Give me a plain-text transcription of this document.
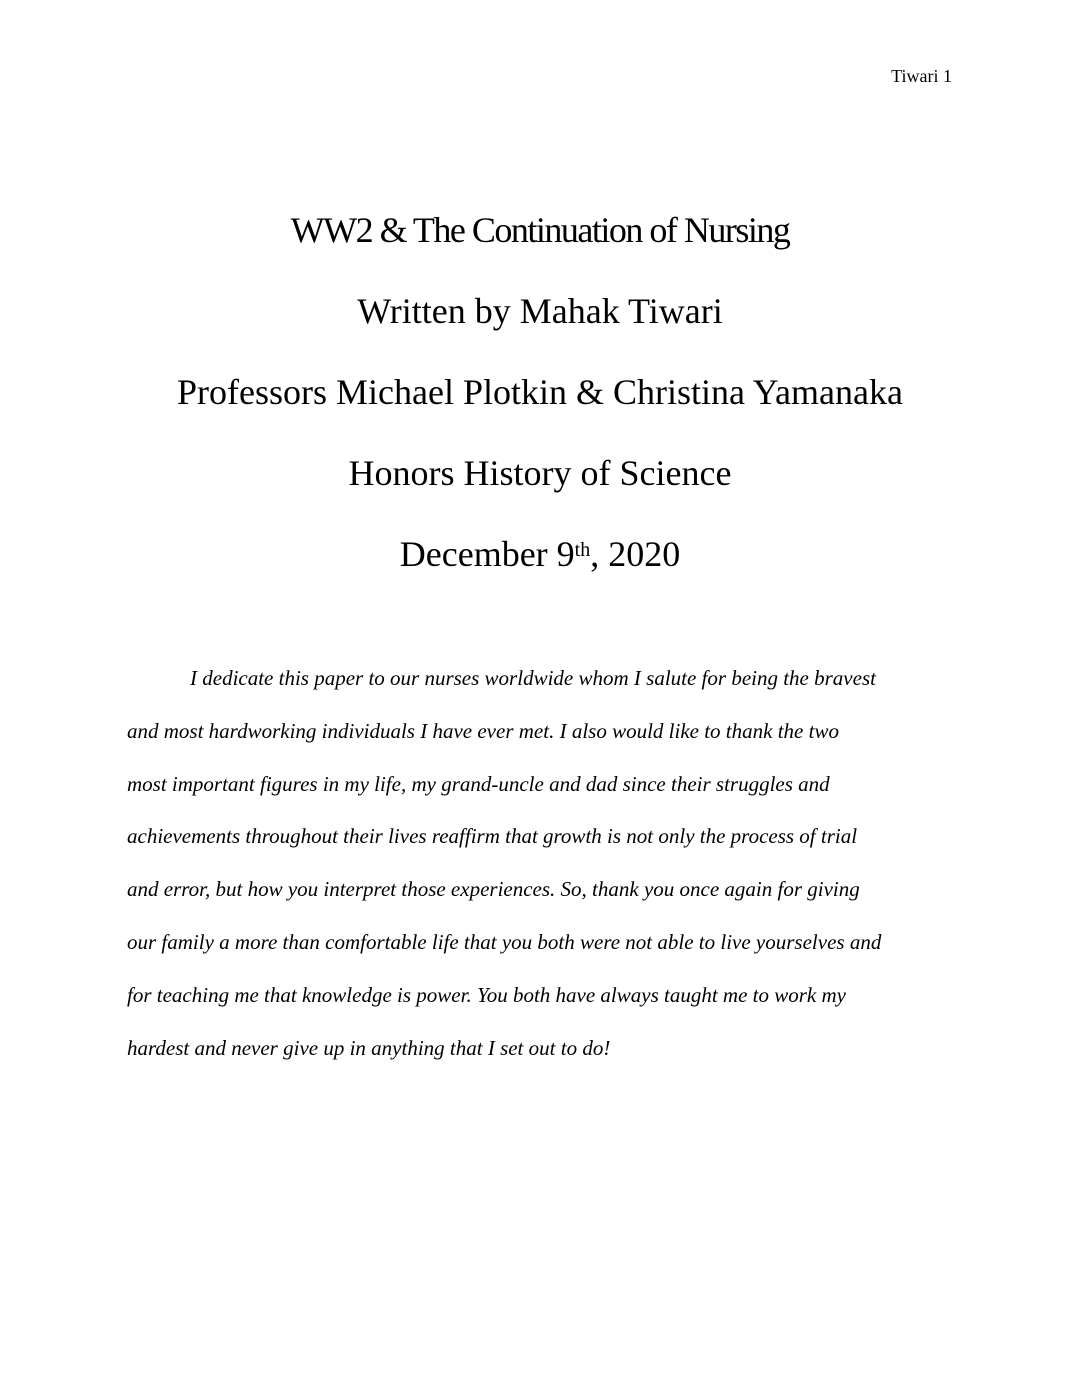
Tiwari 1
WW2 & The Continuation of Nursing
Written by Mahak Tiwari
Professors Michael Plotkin & Christina Yamanaka
Honors History of Science
December 9th, 2020
I dedicate this paper to our nurses worldwide whom I salute for being the bravest
and most hardworking individuals I have ever met. I also would like to thank the two
most important figures in my life, my grand-uncle and dad since their struggles and
achievements throughout their lives reaffirm that growth is not only the process of trial
and error, but how you interpret those experiences. So, thank you once again for giving
our family a more than comfortable life that you both were not able to live yourselves and
for teaching me that knowledge is power. You both have always taught me to work my
hardest and never give up in anything that I set out to do!
